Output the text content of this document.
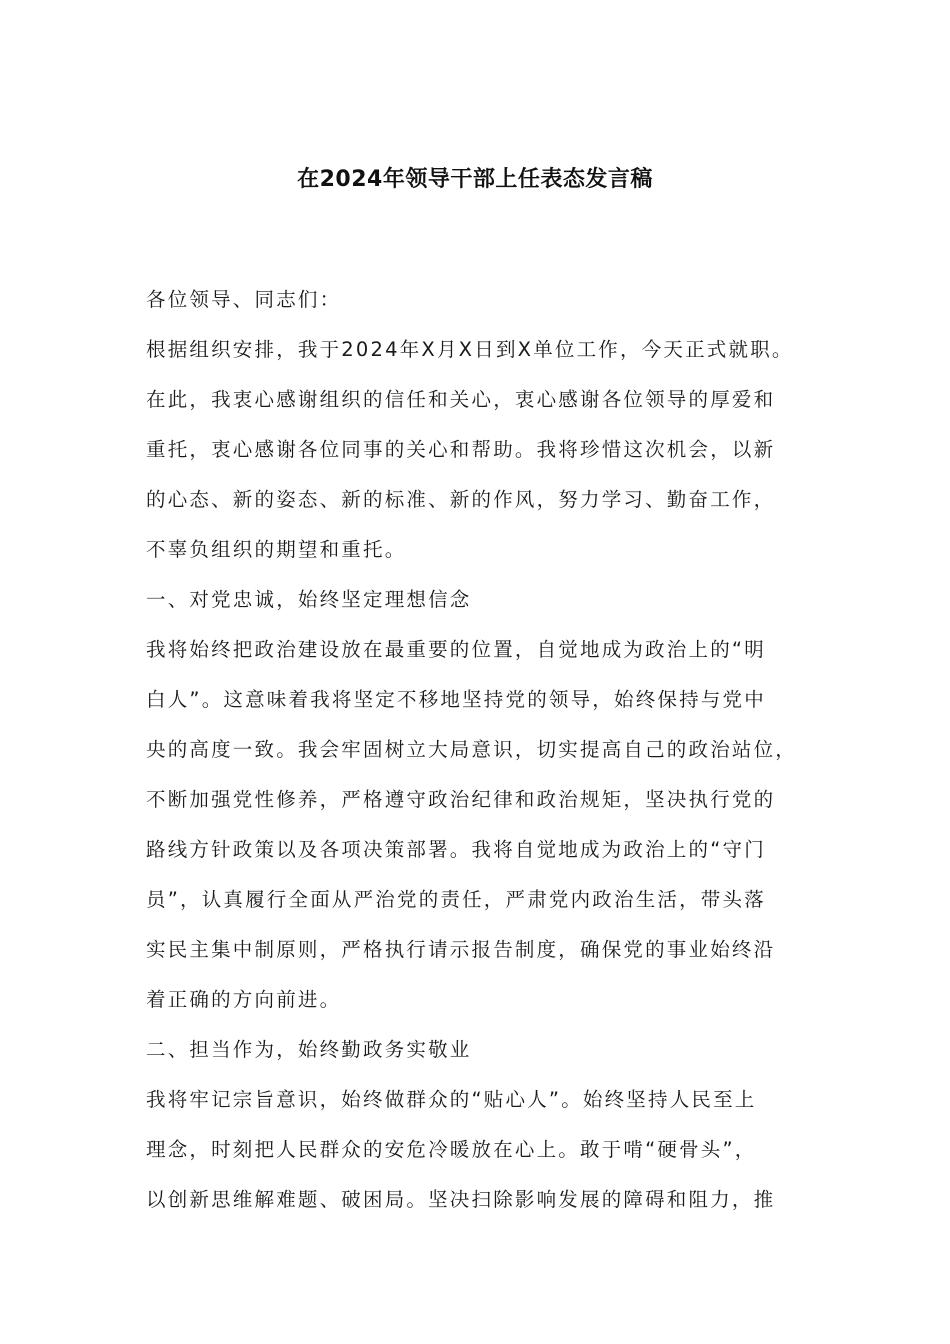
在2024年领导干部上任表态发言稿
各位领导、同志们：
根据组织安排，我于2024年X月X日到X单位工作，今天正式就职。
在此，我衷心感谢组织的信任和关心，衷心感谢各位领导的厚爱和
重托，衷心感谢各位同事的关心和帮助。我将珍惜这次机会，以新
的心态、新的姿态、新的标准、新的作风，努力学习、勤奋工作，
不辜负组织的期望和重托。
一、对党忠诚，始终坚定理想信念
我将始终把政治建设放在最重要的位置，自觉地成为政治上的“明
白人”。这意味着我将坚定不移地坚持党的领导，始终保持与党中
央的高度一致。我会牢固树立大局意识，切实提高自己的政治站位，
不断加强党性修养，严格遵守政治纪律和政治规矩，坚决执行党的
路线方针政策以及各项决策部署。我将自觉地成为政治上的“守门
员”，认真履行全面从严治党的责任，严肃党内政治生活，带头落
实民主集中制原则，严格执行请示报告制度，确保党的事业始终沿
着正确的方向前进。
二、担当作为，始终勤政务实敬业
我将牢记宗旨意识，始终做群众的“贴心人”。始终坚持人民至上
理念，时刻把人民群众的安危冷暖放在心上。敢于啃“硬骨头”，
以创新思维解难题、破困局。坚决扫除影响发展的障碍和阻力，推
